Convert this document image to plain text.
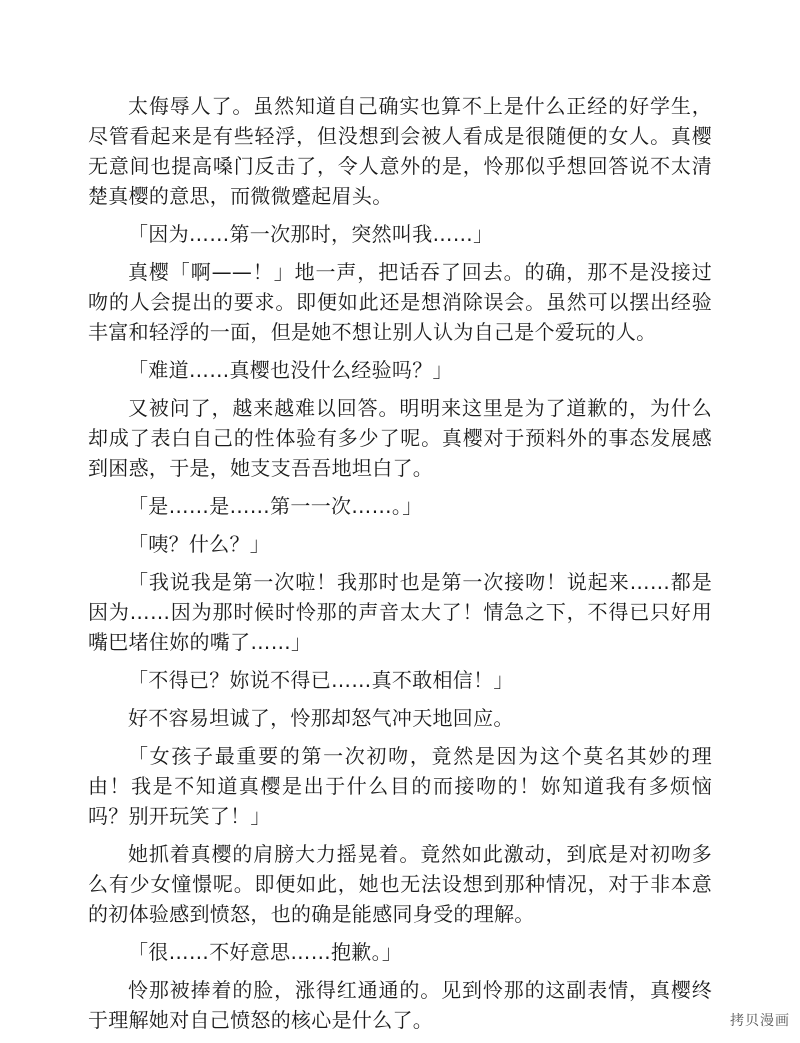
太侮辱人了。虽然知道自己确实也算不上是什么正经的好学生，尽管看起来是有些轻浮，但没想到会被人看成是很随便的女人。真樱无意间也提高嗓门反击了，令人意外的是，怜那似乎想回答说不太清楚真樱的意思，而微微蹙起眉头。

「因为……第一次那时，突然叫我……」

真樱「啊——！」地一声，把话吞了回去。的确，那不是没接过吻的人会提出的要求。即便如此还是想消除误会。虽然可以摆出经验丰富和轻浮的一面，但是她不想让别人认为自己是个爱玩的人。

「难道……真樱也没什么经验吗？」

又被问了，越来越难以回答。明明来这里是为了道歉的，为什么却成了表白自己的性体验有多少了呢。真樱对于预料外的事态发展感到困惑，于是，她支支吾吾地坦白了。

「是……是……第一一次……。」

「咦？什么？」

「我说我是第一次啦！我那时也是第一次接吻！说起来……都是因为……因为那时候时怜那的声音太大了！情急之下，不得已只好用嘴巴堵住妳的嘴了……」

「不得已？妳说不得已……真不敢相信！」

好不容易坦诚了，怜那却怒气冲天地回应。

「女孩子最重要的第一次初吻，竟然是因为这个莫名其妙的理由！我是不知道真樱是出于什么目的而接吻的！妳知道我有多烦恼吗？别开玩笑了！」

她抓着真樱的肩膀大力摇晃着。竟然如此激动，到底是对初吻多么有少女憧憬呢。即便如此，她也无法设想到那种情况，对于非本意的初体验感到愤怒，也的确是能感同身受的理解。

「很……不好意思……抱歉。」

怜那被捧着的脸，涨得红通通的。见到怜那的这副表情，真樱终于理解她对自己愤怒的核心是什么了。	拷贝漫画
